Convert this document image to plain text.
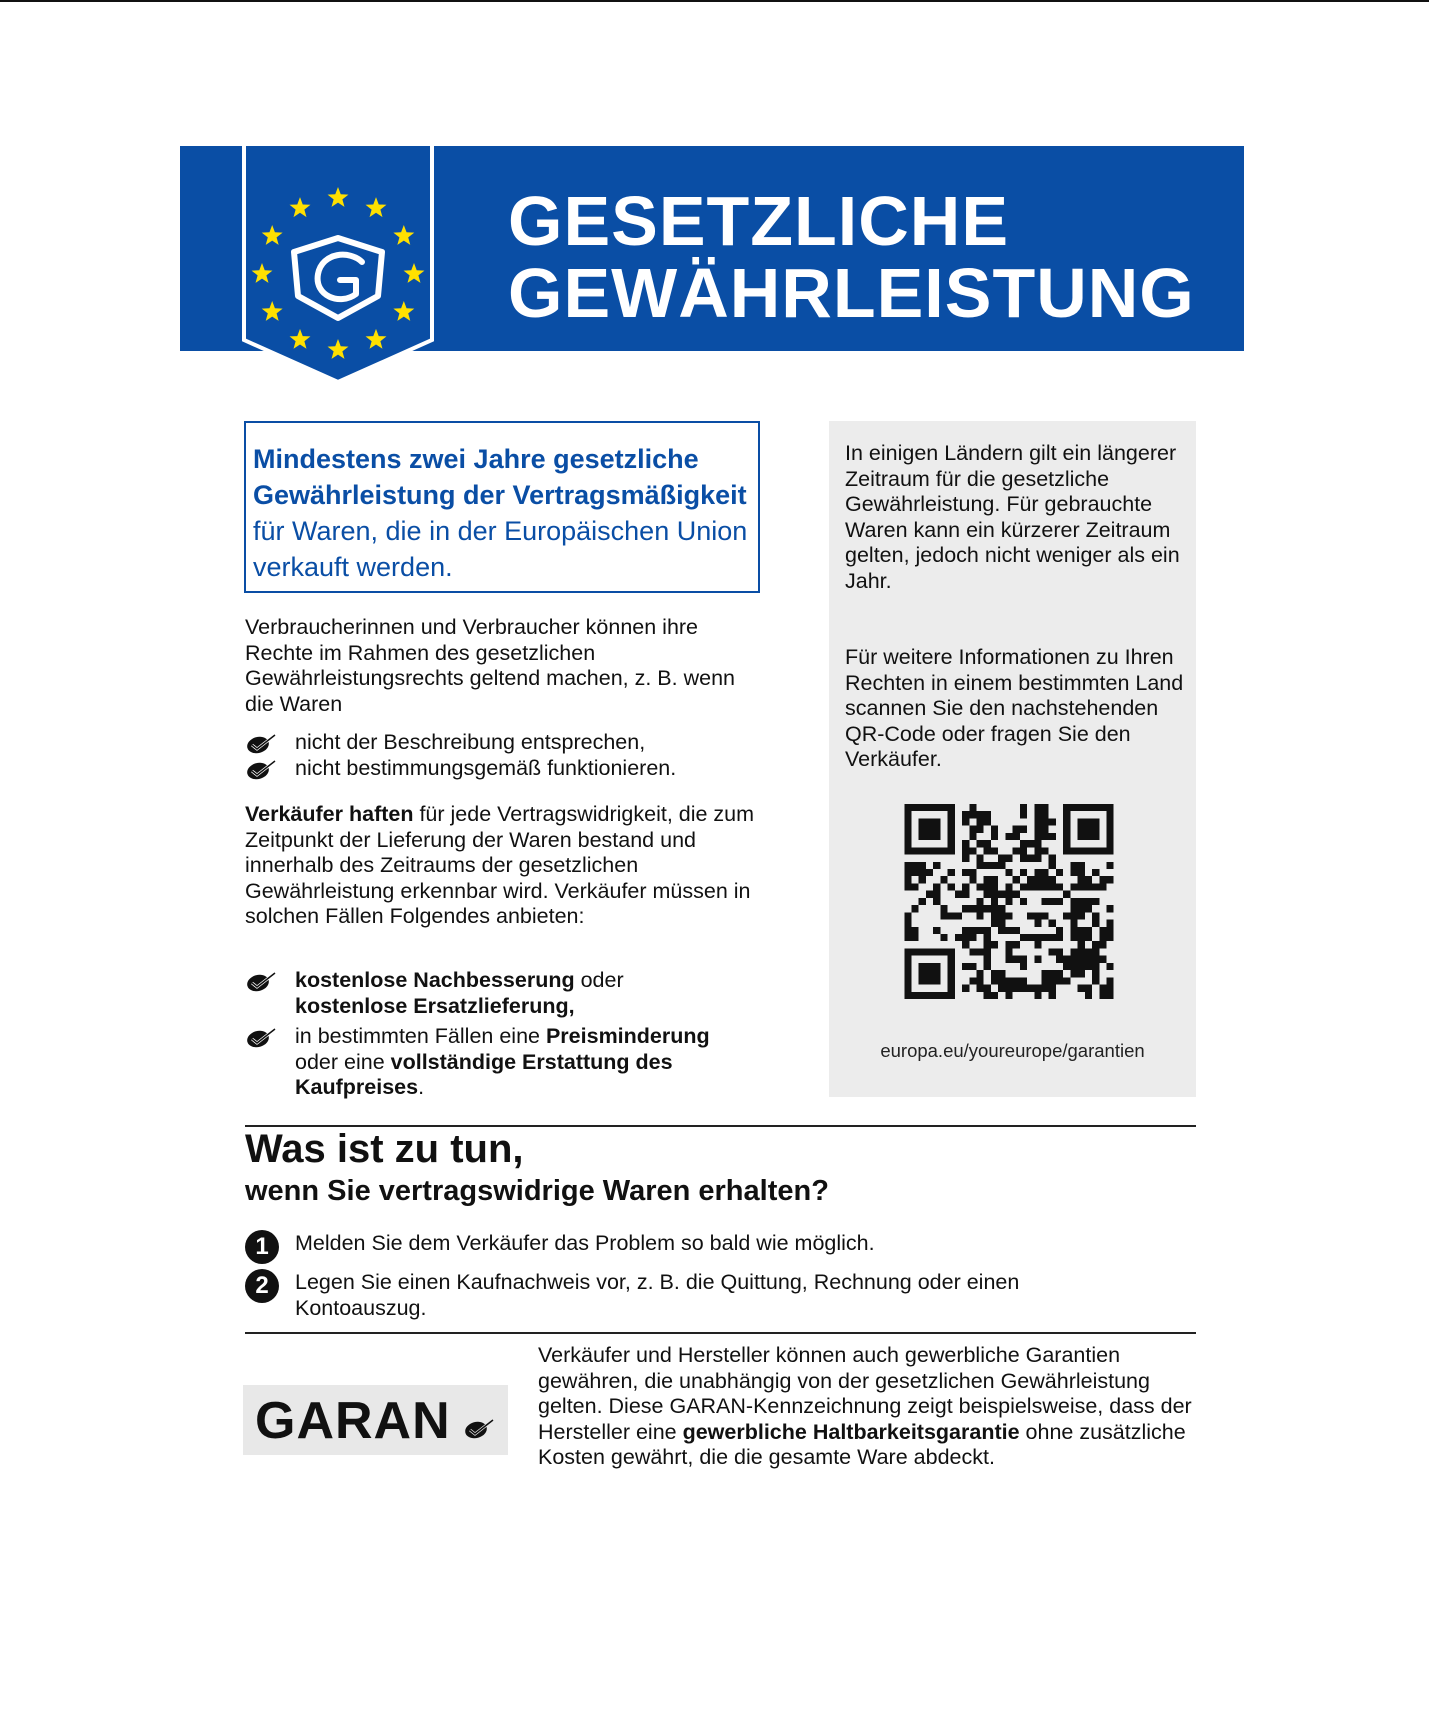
GESETZLICHE
GEWÄHRLEISTUNG
Mindestens zwei Jahre gesetzliche Gewährleistung der Vertragsmäßigkeit für Waren, die in der Europäischen Union verkauft werden.
Verbraucherinnen und Verbraucher können ihre Rechte im Rahmen des gesetzlichen Gewährleistungsrechts geltend machen, z. B. wenn die Waren
nicht der Beschreibung entsprechen,
nicht bestimmungsgemäß funktionieren.
Verkäufer haften für jede Vertragswidrigkeit, die zum Zeitpunkt der Lieferung der Waren bestand und innerhalb des Zeitraums der gesetzlichen Gewährleistung erkennbar wird. Verkäufer müssen in solchen Fällen Folgendes anbieten:
kostenlose Nachbesserung oder
kostenlose Ersatzlieferung,
in bestimmten Fällen eine Preisminderung
oder eine vollständige Erstattung des Kaufpreises.
In einigen Ländern gilt ein längerer Zeitraum für die gesetzliche Gewährleistung. Für gebrauchte Waren kann ein kürzerer Zeitraum gelten, jedoch nicht weniger als ein Jahr.
Für weitere Informationen zu Ihren Rechten in einem bestimmten Land scannen Sie den nachstehenden QR-Code oder fragen Sie den Verkäufer.
europa.eu/youreurope/garantien
Was ist zu tun,
wenn Sie vertragswidrige Waren erhalten?
1	Melden Sie dem Verkäufer das Problem so bald wie möglich.
2	Legen Sie einen Kaufnachweis vor, z. B. die Quittung, Rechnung oder einen Kontoauszug.
GARAN
Verkäufer und Hersteller können auch gewerbliche Garantien gewähren, die unabhängig von der gesetzlichen Gewährleistung gelten. Diese GARAN-Kennzeichnung zeigt beispielsweise, dass der Hersteller eine gewerbliche Haltbarkeitsgarantie ohne zusätzliche Kosten gewährt, die die gesamte Ware abdeckt.
